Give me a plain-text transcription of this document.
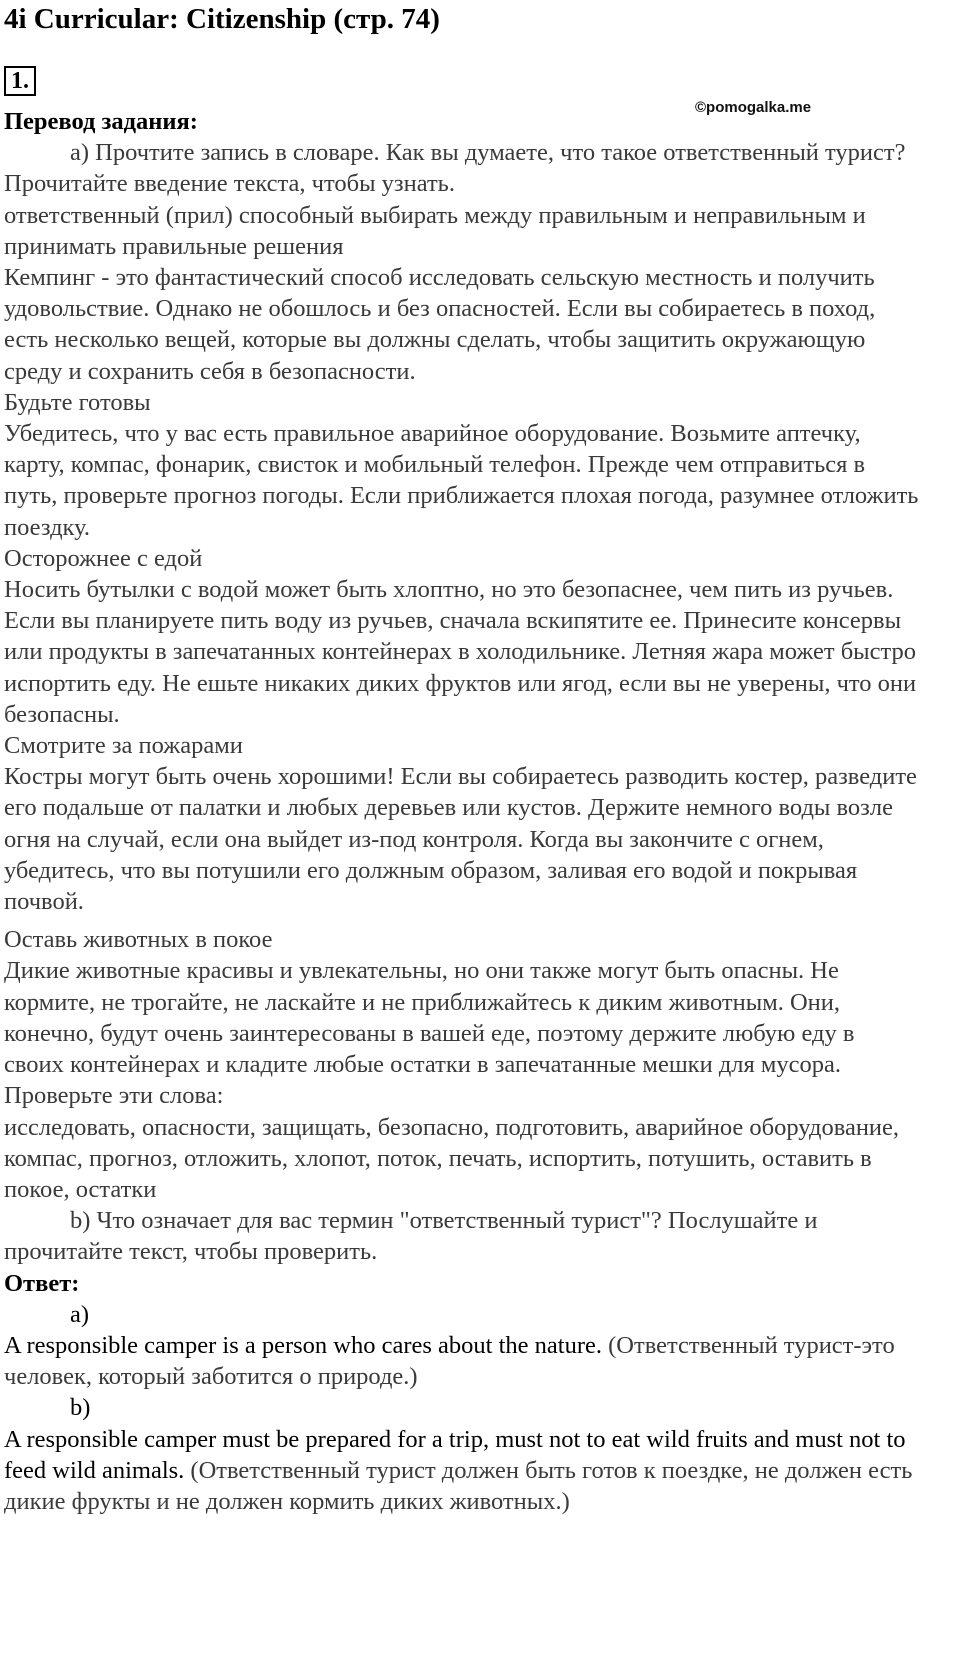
4i Curricular: Citizenship (стр. 74)
1.
©pomogalka.me

Перевод задания:

a) Прочтите запись в словаре. Как вы думаете, что такое ответственный турист? Прочитайте введение текста, чтобы узнать.

ответственный (прил) способный выбирать между правильным и неправильным и принимать правильные решения

Кемпинг - это фантастический способ исследовать сельскую местность и получить удовольствие. Однако не обошлось и без опасностей. Если вы собираетесь в поход, есть несколько вещей, которые вы должны сделать, чтобы защитить окружающую среду и сохранить себя в безопасности.

Будьте готовы

Убедитесь, что у вас есть правильное аварийное оборудование. Возьмите аптечку, карту, компас, фонарик, свисток и мобильный телефон. Прежде чем отправиться в путь, проверьте прогноз погоды. Если приближается плохая погода, разумнее отложить поездку.

Осторожнее с едой

Носить бутылки с водой может быть хлоптно, но это безопаснее, чем пить из ручьев. Если вы планируете пить воду из ручьев, сначала вскипятите ее. Принесите консервы или продукты в запечатанных контейнерах в холодильнике. Летняя жара может быстро испортить еду. Не ешьте никаких диких фруктов или ягод, если вы не уверены, что они безопасны.

Смотрите за пожарами

Костры могут быть очень хорошими! Если вы собираетесь разводить костер, разведите его подальше от палатки и любых деревьев или кустов. Держите немного воды возле огня на случай, если она выйдет из-под контроля. Когда вы закончите с огнем, убедитесь, что вы потушили его должным образом, заливая его водой и покрывая почвой.

Оставь животных в покое

Дикие животные красивы и увлекательны, но они также могут быть опасны. Не кормите, не трогайте, не ласкайте и не приближайтесь к диким животным. Они, конечно, будут очень заинтересованы в вашей еде, поэтому держите любую еду в своих контейнерах и кладите любые остатки в запечатанные мешки для мусора.

Проверьте эти слова:

исследовать, опасности, защищать, безопасно, подготовить, аварийное оборудование, компас, прогноз, отложить, хлопот, поток, печать, испортить, потушить, оставить в покое, остатки

b) Что означает для вас термин "ответственный турист"? Послушайте и прочитайте текст, чтобы проверить.

Ответ:

a)

A responsible camper is a person who cares about the nature. (Ответственный турист-это человек, который заботится о природе.)

b)

A responsible camper must be prepared for a trip, must not to eat wild fruits and must not to feed wild animals. (Ответственный турист должен быть готов к поездке, не должен есть дикие фрукты и не должен кормить диких животных.)
